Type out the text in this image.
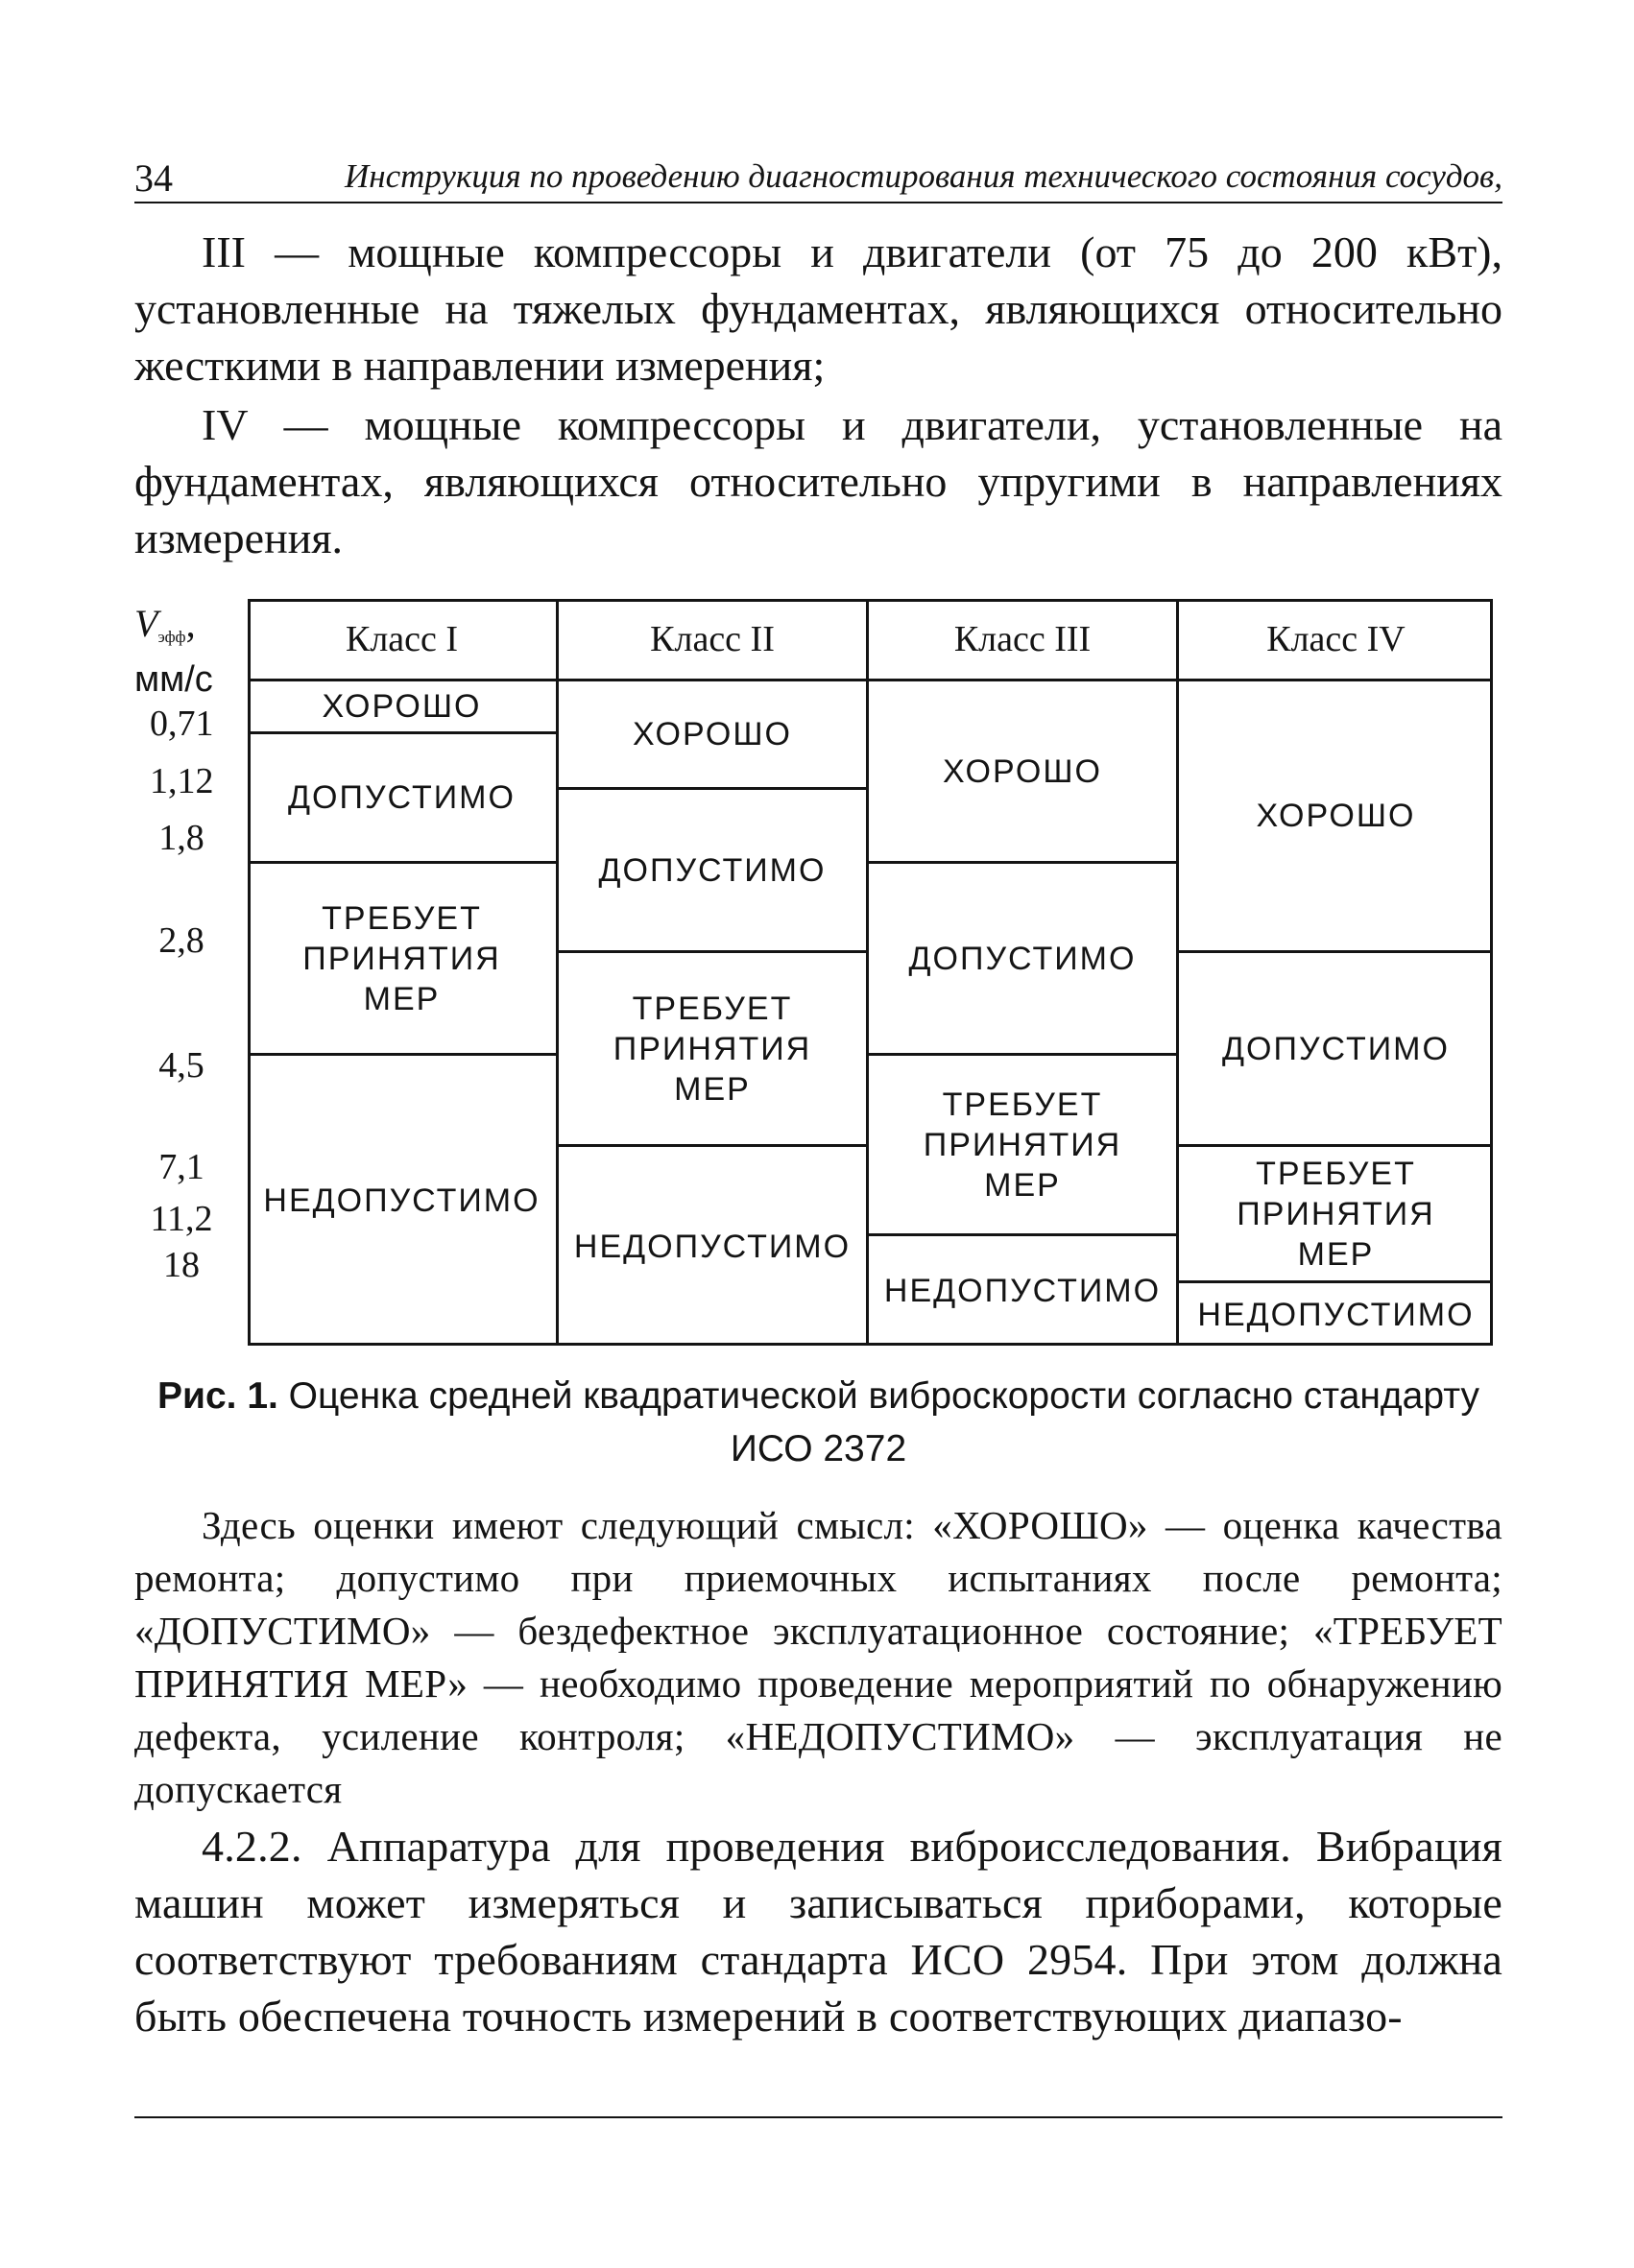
34	Инструкция по проведению диагностирования технического состояния сосудов,

III — мощные компрессоры и двигатели (от 75 до 200 кВт), установленные на тяжелых фундаментах, являющихся относительно жесткими в направлении измерения;

IV — мощные компрессоры и двигатели, установленные на фундаментах, являющихся относительно упругими в направлениях измерения.

$V_{эфф}$,
мм/с
0,71
1,12
1,8
2,8
4,5
7,1
11,2
18
Класс I
ХОРОШО
ДОПУСТИМО
ТРЕБУЕТ
ПРИНЯТИЯ
МЕР
НЕДОПУСТИМО
Класс II
ХОРОШО
ДОПУСТИМО
ТРЕБУЕТ
ПРИНЯТИЯ
МЕР
НЕДОПУСТИМО
Класс III
ХОРОШО
ДОПУСТИМО
ТРЕБУЕТ
ПРИНЯТИЯ
МЕР
НЕДОПУСТИМО
Класс IV
ХОРОШО
ДОПУСТИМО
ТРЕБУЕТ
ПРИНЯТИЯ
МЕР
НЕДОПУСТИМО
Рис. 1. Оценка средней квадратической виброскорости согласно стандарту ИСО 2372

Здесь оценки имеют следующий смысл: «ХОРОШО» — оценка качества ремонта; допустимо при приемочных испытаниях после ремонта; «ДОПУСТИМО» — бездефектное эксплуатационное состояние; «ТРЕБУЕТ ПРИНЯТИЯ МЕР» — необходимо проведение мероприятий по обнаружению дефекта, усиление контроля; «НЕДОПУСТИМО» — эксплуатация не допускается

4.2.2. Аппаратура для проведения виброисследования. Вибрация машин может измеряться и записываться приборами, которые соответствуют требованиям стандарта ИСО 2954. При этом должна быть обеспечена точность измерений в соответствующих диапазо-
